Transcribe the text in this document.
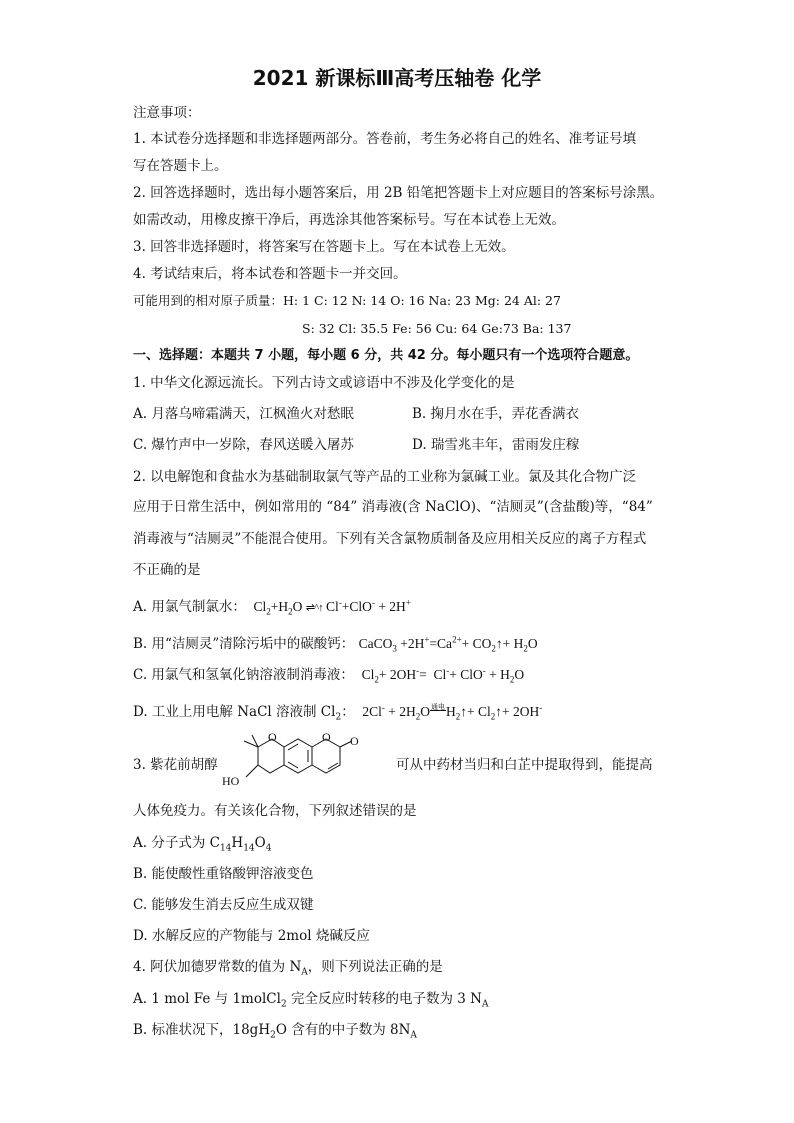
2021 新课标Ⅲ高考压轴卷 化学
注意事项：
1. 本试卷分选择题和非选择题两部分。答卷前，考生务必将自己的姓名、准考证号填
写在答题卡上。
2. 回答选择题时，选出每小题答案后，用 2B 铅笔把答题卡上对应题目的答案标号涂黑。
如需改动，用橡皮擦干净后，再选涂其他答案标号。写在本试卷上无效。
3. 回答非选择题时，将答案写在答题卡上。写在本试卷上无效。
4. 考试结束后，将本试卷和答题卡一并交回。
可能用到的相对原子质量：H: 1 C: 12 N: 14 O: 16 Na: 23 Mg: 24 Al: 27
S: 32 Cl: 35.5 Fe: 56 Cu: 64 Ge:73 Ba: 137
一、选择题：本题共 7 小题，每小题 6 分，共 42 分。每小题只有一个选项符合题意。
1. 中华文化源远流长。下列古诗文或谚语中不涉及化学变化的是
A. 月落乌啼霜满天，江枫渔火对愁眠	B. 掬月水在手，弄花香满衣
C. 爆竹声中一岁除，春风送暖入屠苏	D. 瑞雪兆丰年，雷雨发庄稼
2. 以电解饱和食盐水为基础制取氯气等产品的工业称为氯碱工业。氯及其化合物广泛
应用于日常生活中，例如常用的 “84” 消毒液(含 NaClO)、“洁厕灵”(含盐酸)等，“84”
消毒液与“洁厕灵”不能混合使用。下列有关含氯物质制备及应用相关反应的离子方程式
不正确的是
A. 用氯气制氯水：  $Cl_2+H_2O$ ⇌^↑ Cl-+ClO- + 2H+
B. 用“洁厕灵”清除污垢中的碳酸钙： CaCO$_3$ $+2H^+=Ca^{2+}+$ $CO_2↑+ H_2O$
C. 用氯气和氢氧化钠溶液制消毒液：  $Cl_2+ 2OH^-= Cl^-+ ClO^- + H_2O$
D. 工业上用电解 NaCl 溶液制 $Cl_2$：  $2Cl^- + 2H_2O^{通电}$
$H_2↑+$ $Cl_2↑+ 2OH^-$
3. 紫花前胡醇
O	O O
HO
可从中药材当归和白芷中提取得到，能提高
人体免疫力。有关该化合物，下列叙述错误的是
A. 分子式为 $C_{14}H_{14}O_4$
B. 能使酸性重铬酸钾溶液变色
C. 能够发生消去反应生成双键
D. 水解反应的产物能与 2mol 烧碱反应
4. 阿伏加德罗常数的值为 $N_A$，则下列说法正确的是
A. 1 mol Fe 与 1molCl$_2$ 完全反应时转移的电子数为 3 $N_A$
B. 标准状况下，$18gH_2O$ 含有的中子数为 $8N_A$
